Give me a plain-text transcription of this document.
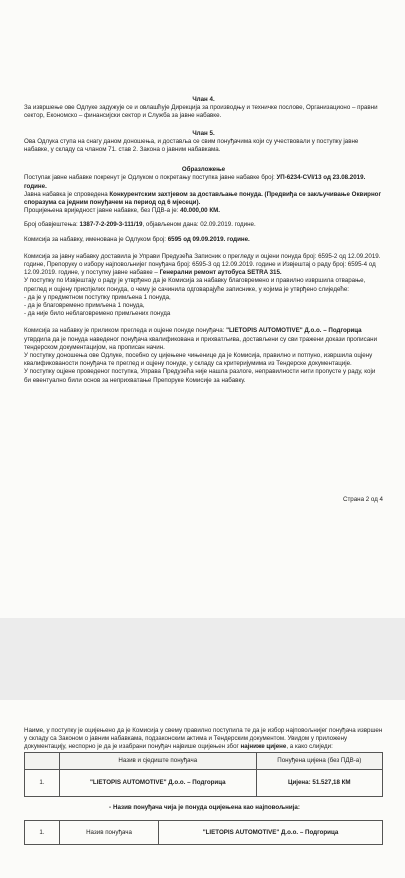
Члан 4.

За извршење ове Одлуке задужује се и овлашћује Дирекција за производњу и техничке послове, Организационо – правни сектор, Економско – финансијски сектор и Служба за јавне набавке.

Члан 5.

Ова Одлука ступа на снагу даном доношења, и доставља се свим понуђачима који су учествовали у поступку јавне набавке, у складу са чланом 71. став 2. Закона о јавним набавкама.

Образложење

Поступак јавне набавке покренут је Одлуком о покретању поступка јавне набавке број: УП-6234-СVI/13 од 23.08.2019. године.

Јавна набавка је спроведена Конкурентским захтјевом за достављање понуда. (Предвиђа се закључивање Оквирног споразума са једним понуђачем на период од 6 мјесеци).

Процијењена вриједност јавне набавке, без ПДВ-а је: 40.000,00 КМ.

Број обавјештења: 1387-7-2-209-3-111/19, објављеном дана: 02.09.2019. године.

Комисија за набавку, именована је Одлуком број: 6595 од 09.09.2019. године.

Комисија за јавну набавку доставила је Управи Предузећа Записник о прегледу и оцјени понуда број: 6595-2 од 12.09.2019. године, Препоруку о избору најповољнијег понуђача број: 6595-3 од 12.09.2019. године и Извјештај о раду број: 6595-4 од 12.09.2019. године, у поступку јавне набавке – Генерални ремонт аутобуса SETRA 315.

У поступку по Извјештају о раду је утврђено да је Комисија за набавку благовремено и правилно извршила отварање, преглед и оцјену приспјелих понуда, о чему је сачинила одговарајуће записнике, у којима је утврђено слиједеће:

- да је у предметном поступку примљена 1 понуда,
- да је благовремено примљена 1 понуда,
- да није било неблаговремено примљених понуда

Комисија за набавку је приликом прегледа и оцјене понуде понуђача: "LIETOPIS AUTOMOTIVE" Д.о.о. – Подгорица утврдила да је понуда наведеног понуђача квалификована и прихватљива, достављени су сви тражени докази прописани тендерском документацијом, на прописан начин.

У поступку доношења ове Одлуке, посебно су цијењене чињенице да је Комисија, правилно и потпуно, извршила оцјену квалификованости понуђача те преглед и оцјену понуде, у складу са критеријумима из Тендерске документације.

У поступку оцјене проведеног поступка, Управа Предузећа није нашла разлоге, неправилности нити пропусте у раду, који би евентуално били основ за неприхватање Препоруке Комисије за набавку.

Страна 2 од 4

Наиме, у поступку је оцијењено да је Комисија у свему правилно поступила те да је избор најповољнијег понуђача извршен у складу са Законом о јавним набавкама, подзаконским актима и Тендерским документом. Увидом у приложену документацију, неспорно је да је изабрани понуђач највише оцијењен због најниже цијене, а како слиједи:

	Назив и сједиште понуђача	Понуђена цијена (без ПДВ-а)
1.	"LIETOPIS AUTOMOTIVE" Д.о.о. – Подгорица	Цијена: 51.527,18 КМ

- Назив понуђача чија је понуда оцијењена као најповољнија:

1.	Назив понуђача	"LIETOPIS AUTOMOTIVE" Д.о.о. – Подгорица
